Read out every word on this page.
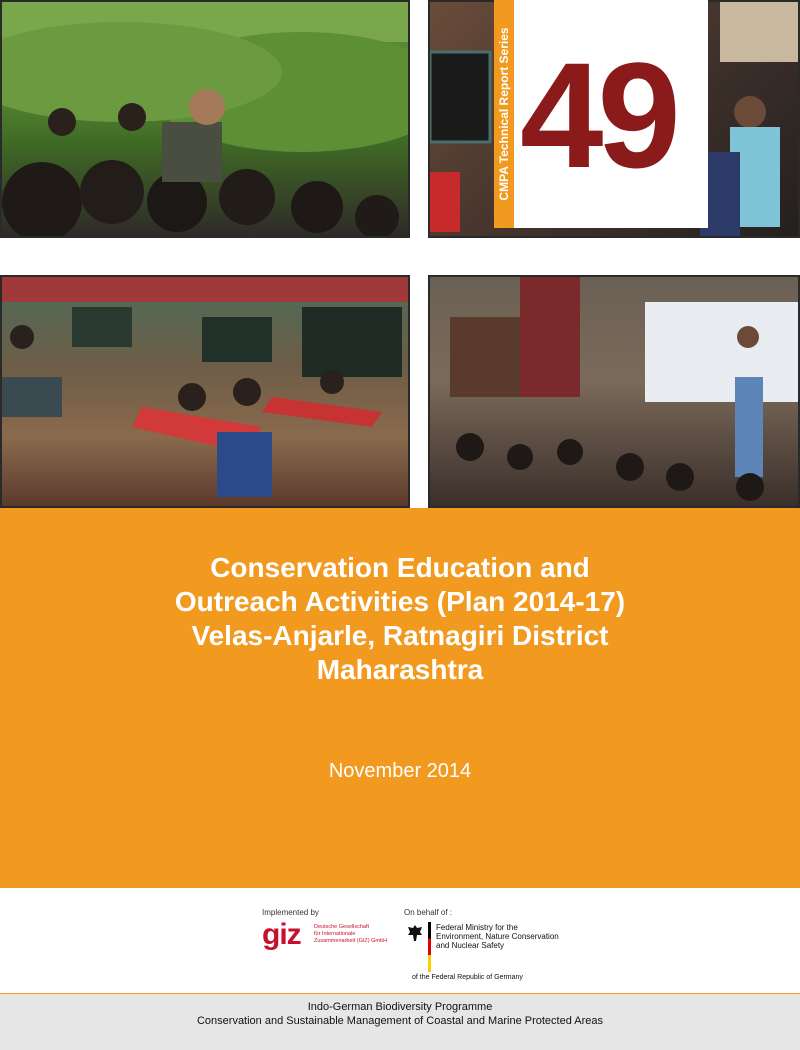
CMPA Technical Report Series 49
Conservation Education and
Outreach Activities (Plan 2014-17)
Velas-Anjarle, Ratnagiri District
Maharashtra
November 2014
Implemented by
giz Deutsche Gesellschaft
für Internationale
Zusammenarbeit (GIZ) GmbH
On behalf of :
Federal Ministry for the
Environment, Nature Conservation
and Nuclear Safety
of the Federal Republic of Germany
Indo-German Biodiversity Programme
Conservation and Sustainable Management of Coastal and Marine Protected Areas
